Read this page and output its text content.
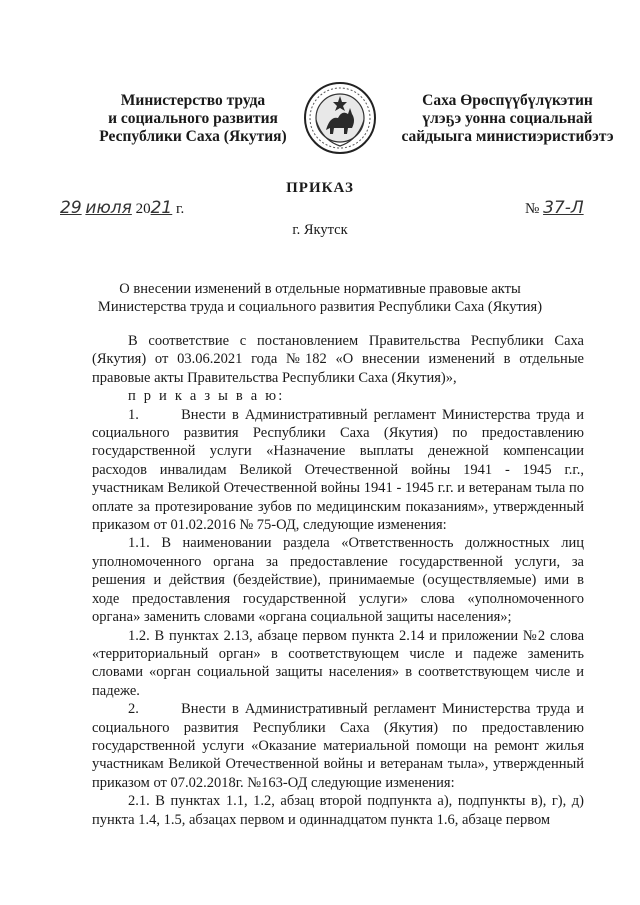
Министерство труда
и социального развития
Республики Саха (Якутия)
Саха Өрөспүүбүлүкэтин
үлэҕэ уонна социальнай
сайдыыга министиэристибэтэ
ПРИКАЗ
29 июля 2021 г.	№ 37-Л
г. Якутск
О внесении изменений в отдельные нормативные правовые акты
Министерства труда и социального развития Республики Саха (Якутия)

В соответствие с постановлением Правительства Республики Саха (Якутия) от 03.06.2021 года №182 «О внесении изменений в отдельные правовые акты Правительства Республики Саха (Якутия)»,

п р и к а з ы в а ю:

1.	Внести в Административный регламент Министерства труда и социального развития Республики Саха (Якутия) по предоставлению государственной услуги «Назначение выплаты денежной компенсации расходов инвалидам Великой Отечественной войны 1941 - 1945 г.г., участникам Великой Отечественной войны 1941 - 1945 г.г. и ветеранам тыла по оплате за протезирование зубов по медицинским показаниям», утвержденный приказом от 01.02.2016 № 75-ОД, следующие изменения:

1.1. В наименовании раздела «Ответственность должностных лиц уполномоченного органа за предоставление государственной услуги, за решения и действия (бездействие), принимаемые (осуществляемые) ими в ходе предоставления государственной услуги» слова «уполномоченного органа» заменить словами «органа социальной защиты населения»;

1.2. В пунктах 2.13, абзаце первом пункта 2.14 и приложении №2 слова «территориальный орган» в соответствующем числе и падеже заменить словами «орган социальной защиты населения» в соответствующем числе и падеже.

2.	Внести в Административный регламент Министерства труда и социального развития Республики Саха (Якутия) по предоставлению государственной услуги «Оказание материальной помощи на ремонт жилья участникам Великой Отечественной войны и ветеранам тыла», утвержденный приказом от 07.02.2018г. №163-ОД следующие изменения:

2.1. В пунктах 1.1, 1.2, абзац второй подпункта а), подпункты в), г), д) пункта 1.4, 1.5, абзацах первом и одиннадцатом пункта 1.6, абзаце первом
